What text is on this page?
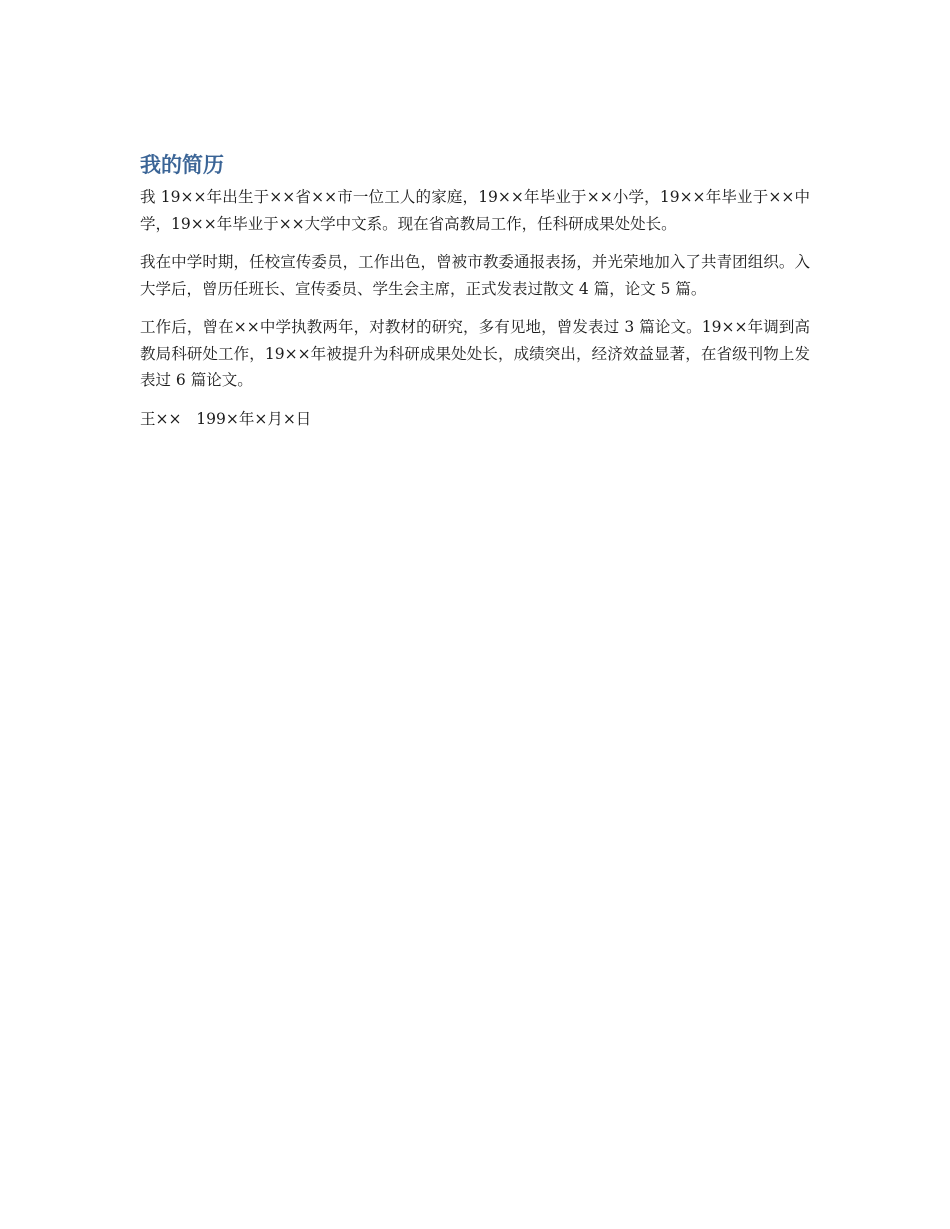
我的简历

我 19××年出生于××省××市一位工人的家庭，19××年毕业于××小学，19××年毕业于××中学，19××年毕业于××大学中文系。现在省高教局工作，任科研成果处处长。

我在中学时期，任校宣传委员，工作出色，曾被市教委通报表扬，并光荣地加入了共青团组织。入大学后，曾历任班长、宣传委员、学生会主席，正式发表过散文 4 篇，论文 5 篇。

工作后，曾在××中学执教两年，对教材的研究，多有见地，曾发表过 3 篇论文。19××年调到高教局科研处工作，19××年被提升为科研成果处处长，成绩突出，经济效益显著，在省级刊物上发表过 6 篇论文。

王××   199×年×月×日
